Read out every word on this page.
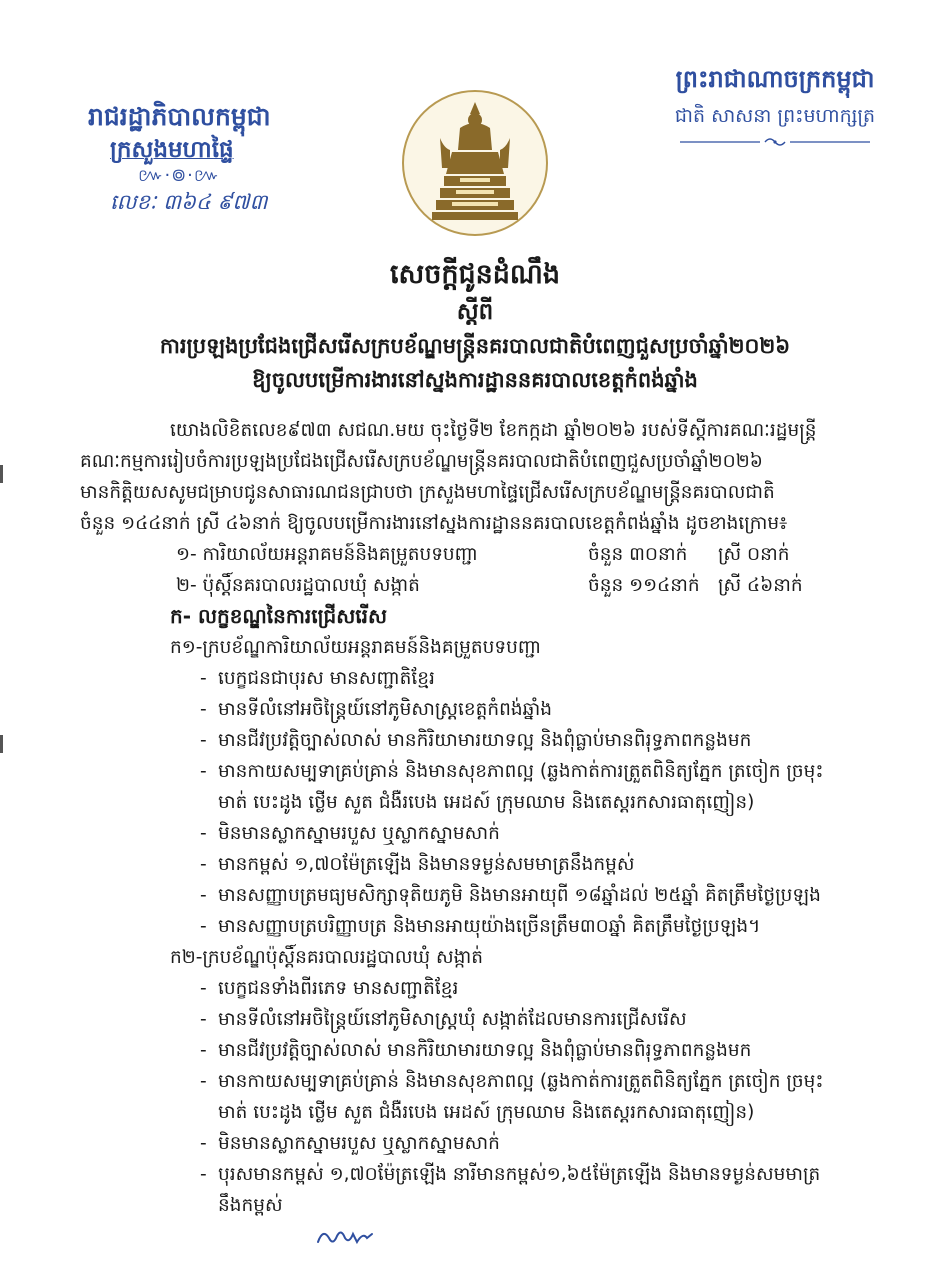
រាជរដ្ឋាភិបាលកម្ពុជា
ក្រសួងមហាផ្ទៃ
៚·៙·៚
លេខៈ ៣៦៤ ៩៧៣
ព្រះរាជាណាចក្រកម្ពុជា
ជាតិ សាសនា ព្រះមហាក្សត្រ
សេចក្តីជូនដំណឹង
ស្តីពី
ការប្រឡងប្រជែងជ្រើសរើសក្របខ័ណ្ឌមន្ត្រីនគរបាលជាតិបំពេញជួសប្រចាំឆ្នាំ២០២៦
ឱ្យចូលបម្រើការងារនៅស្នងការដ្ឋាននគរបាលខេត្តកំពង់ឆ្នាំង

យោងលិខិតលេខ៩៧៣ សជណ.មយ ចុះថ្ងៃទី២ ខែកក្កដា ឆ្នាំ២០២៦ របស់ទីស្តីការគណៈរដ្ឋមន្ត្រី

គណៈកម្មការរៀបចំការប្រឡងប្រជែងជ្រើសរើសក្របខ័ណ្ឌមន្ត្រីនគរបាលជាតិបំពេញជួសប្រចាំឆ្នាំ២០២៦

មានកិត្តិយសសូមជម្រាបជូនសាធារណជនជ្រាបថា ក្រសួងមហាផ្ទៃជ្រើសរើសក្របខ័ណ្ឌមន្ត្រីនគរបាលជាតិ

ចំនួន ១៤៤នាក់ ស្រី ៤៦នាក់ ឱ្យចូលបម្រើការងារនៅស្នងការដ្ឋាននគរបាលខេត្តកំពង់ឆ្នាំង ដូចខាងក្រោម៖

១- ការិយាល័យអន្តរាគមន៍និងគម្រួតបទបញ្ជា	ចំនួន ៣០នាក់	ស្រី ០នាក់
២- ប៉ុស្តិ៍នគរបាលរដ្ឋបាលឃុំ សង្កាត់	ចំនួន ១១៤នាក់ ស្រី ៤៦នាក់
ក- លក្ខខណ្ឌនៃការជ្រើសរើស
ក១-ក្របខ័ណ្ឌការិយាល័យអន្តរាគមន៍និងគម្រួតបទបញ្ជា
- បេក្ខជនជាបុរស មានសញ្ជាតិខ្មែរ
- មានទីលំនៅអចិន្ត្រៃយ៍នៅភូមិសាស្ត្រខេត្តកំពង់ឆ្នាំង
- មានជីវប្រវត្តិច្បាស់លាស់ មានកិរិយាមារយាទល្អ និងពុំធ្លាប់មានពិរុទ្ធភាពកន្លងមក
- មានកាយសម្បទាគ្រប់គ្រាន់ និងមានសុខភាពល្អ (ឆ្លងកាត់ការត្រួតពិនិត្យភ្នែក ត្រចៀក ច្រមុះ
មាត់ បេះដូង ថ្លើម សួត ជំងឺរបេង អេដស៍ ក្រុមឈាម និងតេស្តរកសារធាតុញៀន)
- មិនមានស្លាកស្នាមរបួស ឬស្លាកស្នាមសាក់
- មានកម្ពស់ ១,៧០ម៉ែត្រឡើង និងមានទម្ងន់សមមាត្រនឹងកម្ពស់
- មានសញ្ញាបត្រមធ្យមសិក្សាទុតិយភូមិ និងមានអាយុពី ១៨ឆ្នាំដល់ ២៥ឆ្នាំ គិតត្រឹមថ្ងៃប្រឡង
- មានសញ្ញាបត្របរិញ្ញាបត្រ និងមានអាយុយ៉ាងច្រើនត្រឹម៣០ឆ្នាំ គិតត្រឹមថ្ងៃប្រឡង។
ក២-ក្របខ័ណ្ឌប៉ុស្តិ៍នគរបាលរដ្ឋបាលឃុំ សង្កាត់
- បេក្ខជនទាំងពីរភេទ មានសញ្ជាតិខ្មែរ
- មានទីលំនៅអចិន្ត្រៃយ៍នៅភូមិសាស្ត្រឃុំ សង្កាត់ដែលមានការជ្រើសរើស
- មានជីវប្រវត្តិច្បាស់លាស់ មានកិរិយាមារយាទល្អ និងពុំធ្លាប់មានពិរុទ្ធភាពកន្លងមក
- មានកាយសម្បទាគ្រប់គ្រាន់ និងមានសុខភាពល្អ (ឆ្លងកាត់ការត្រួតពិនិត្យភ្នែក ត្រចៀក ច្រមុះ
មាត់ បេះដូង ថ្លើម សួត ជំងឺរបេង អេដស៍ ក្រុមឈាម និងតេស្តរកសារធាតុញៀន)
- មិនមានស្លាកស្នាមរបួស ឬស្លាកស្នាមសាក់
- បុរសមានកម្ពស់ ១,៧០ម៉ែត្រឡើង នារីមានកម្ពស់១,៦៥ម៉ែត្រឡើង និងមានទម្ងន់សមមាត្រ
នឹងកម្ពស់
